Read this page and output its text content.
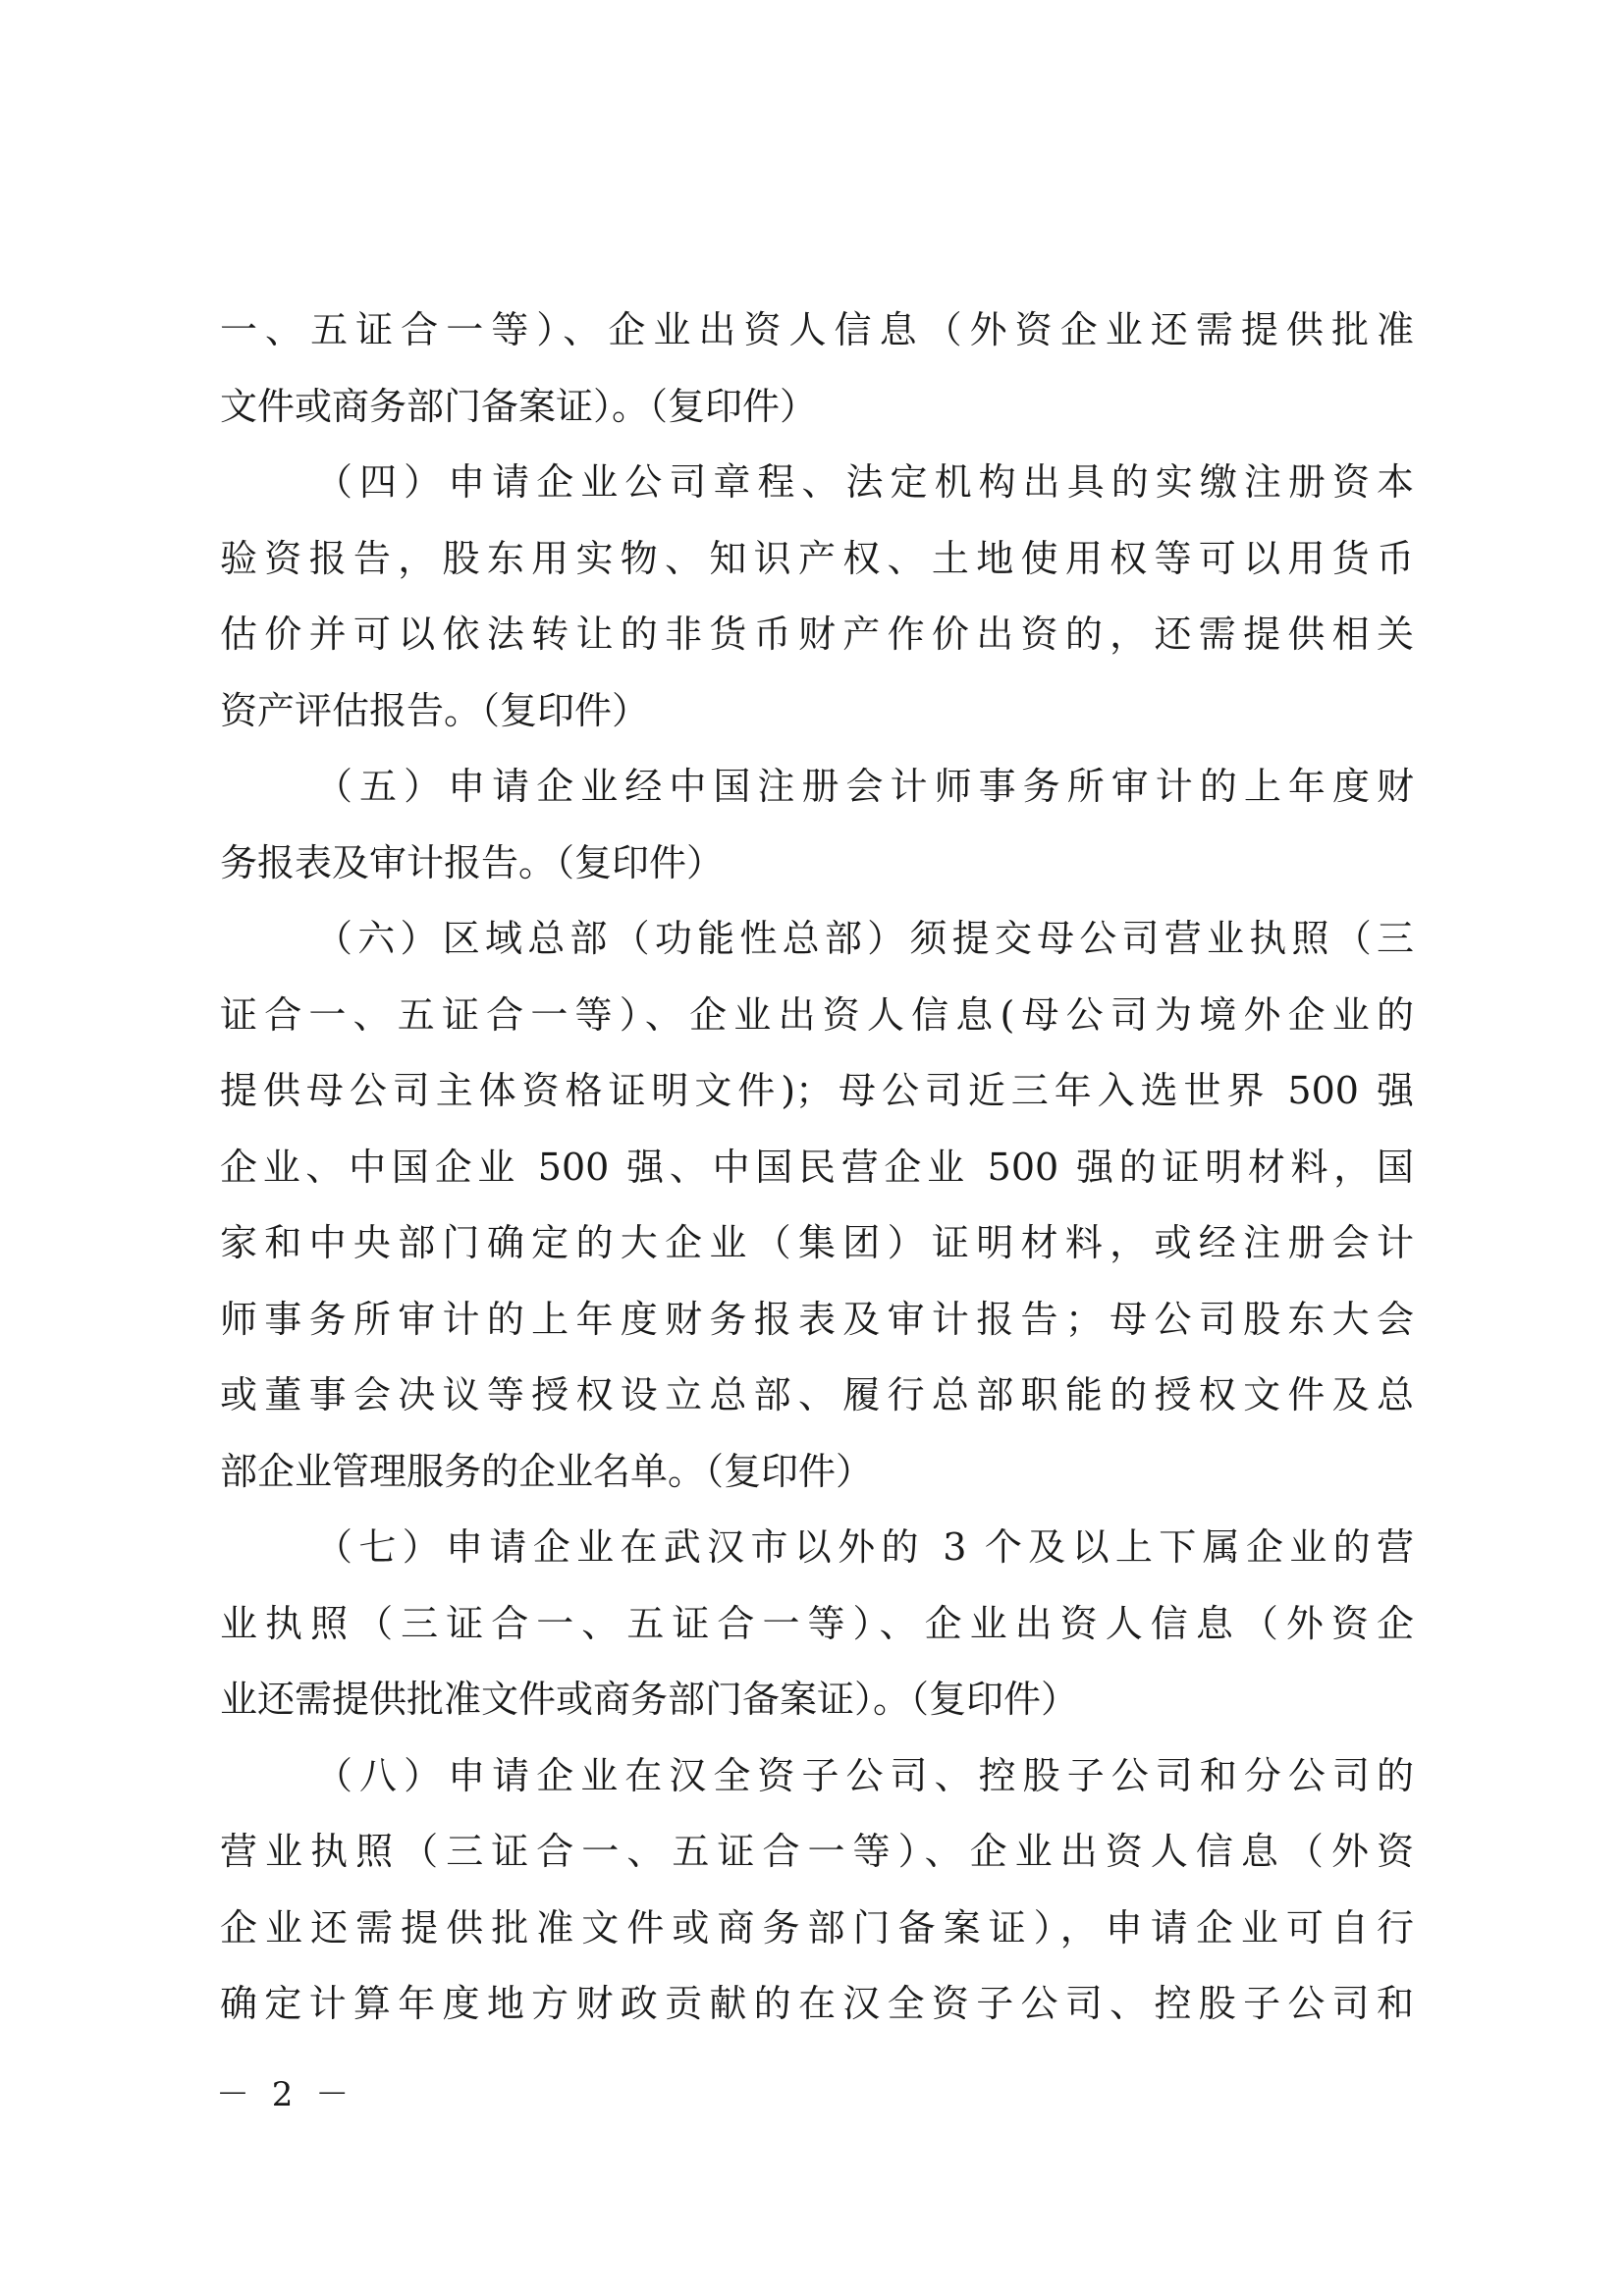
一、五证合一等）、企业出资人信息（外资企业还需提供批准
文件或商务部门备案证）。（复印件）
（四）申请企业公司章程、法定机构出具的实缴注册资本
验资报告，股东用实物、知识产权、土地使用权等可以用货币
估价并可以依法转让的非货币财产作价出资的，还需提供相关
资产评估报告。（复印件）
（五）申请企业经中国注册会计师事务所审计的上年度财
务报表及审计报告。（复印件）
（六）区域总部（功能性总部）须提交母公司营业执照（三
证合一、五证合一等）、企业出资人信息(母公司为境外企业的
提供母公司主体资格证明文件)；母公司近三年入选世界 500 强
企业、中国企业 500 强、中国民营企业 500 强的证明材料，国
家和中央部门确定的大企业（集团）证明材料，或经注册会计
师事务所审计的上年度财务报表及审计报告；母公司股东大会
或董事会决议等授权设立总部、履行总部职能的授权文件及总
部企业管理服务的企业名单。（复印件）
（七）申请企业在武汉市以外的 3 个及以上下属企业的营
业执照（三证合一、五证合一等）、企业出资人信息（外资企
业还需提供批准文件或商务部门备案证）。（复印件）
（八）申请企业在汉全资子公司、控股子公司和分公司的
营业执照（三证合一、五证合一等）、企业出资人信息（外资
企业还需提供批准文件或商务部门备案证），申请企业可自行
确定计算年度地方财政贡献的在汉全资子公司、控股子公司和
－ 2 －
